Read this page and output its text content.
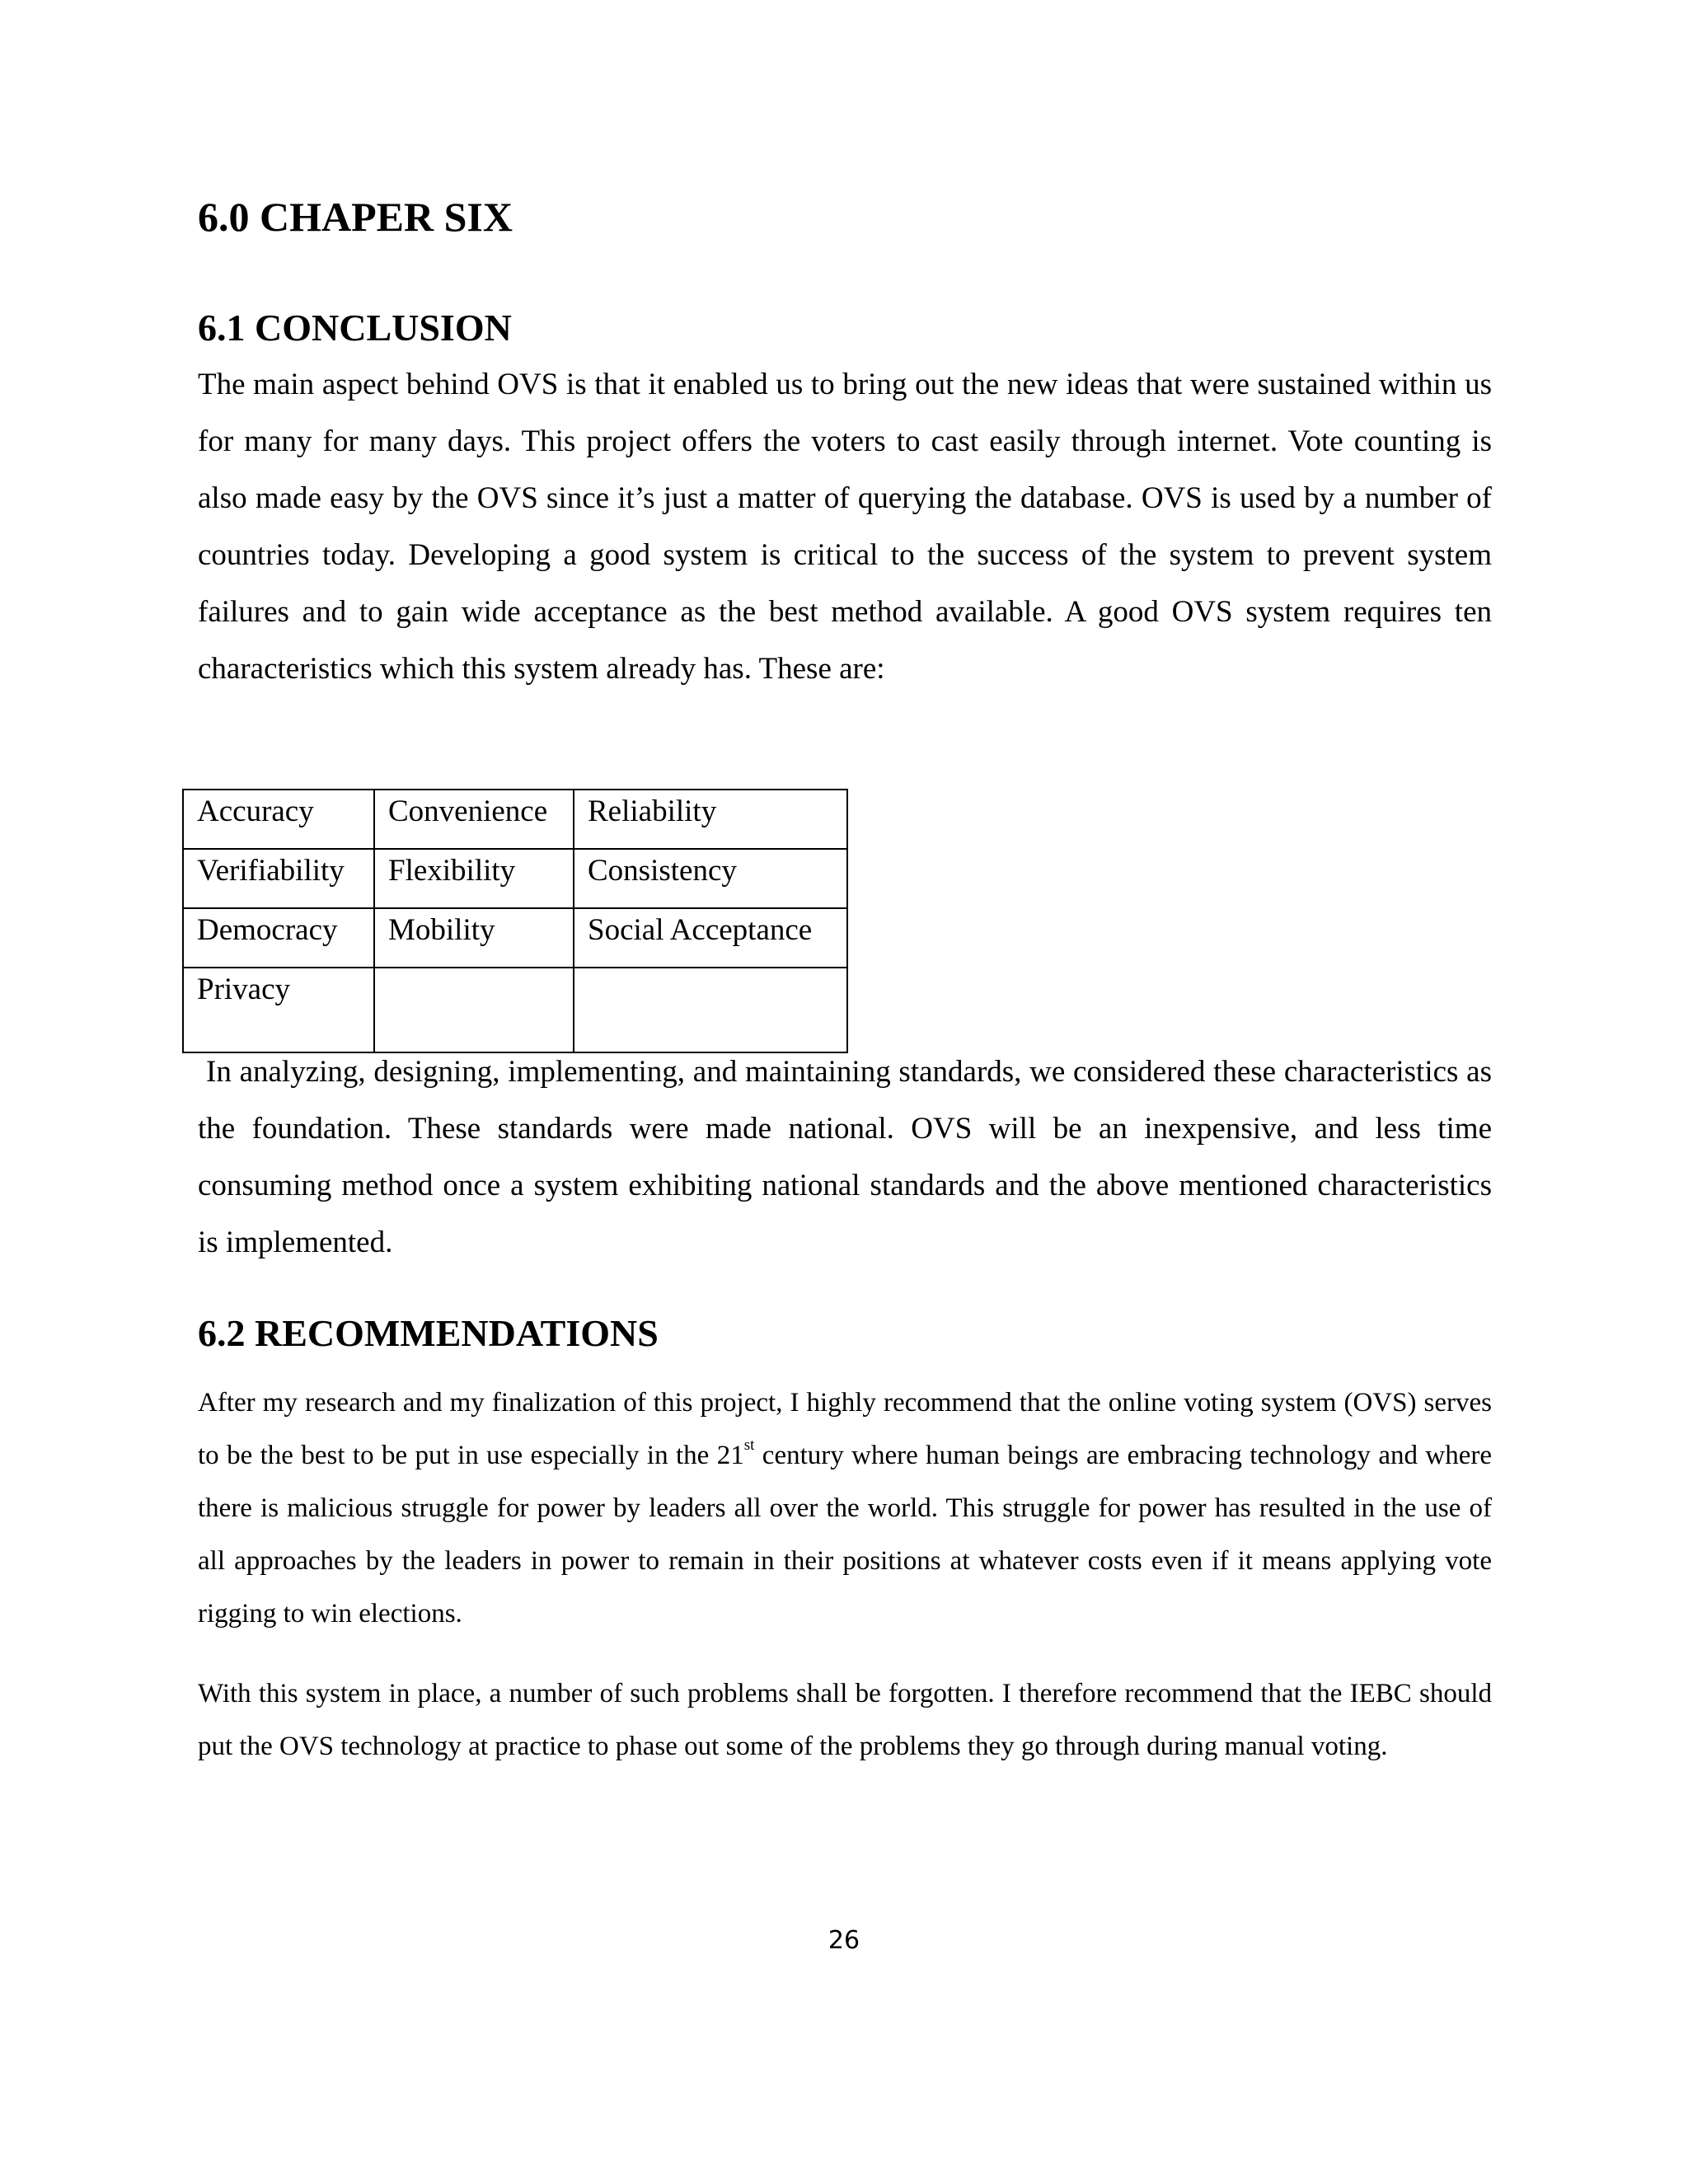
6.0 CHAPER SIX
6.1 CONCLUSION

The main aspect behind OVS is that it enabled us to bring out the new ideas that were sustained within us for many for many days. This project offers the voters to cast easily through internet. Vote counting is also made easy by the OVS since it’s just a matter of querying the database. OVS is used by a number of countries today. Developing a good system is critical to the success of the system to prevent system failures and to gain wide acceptance as the best method available. A good OVS system requires ten characteristics which this system already has. These are:

Accuracy	Convenience	Reliability
Verifiability	Flexibility	Consistency
Democracy	Mobility	Social Acceptance
Privacy		

In analyzing, designing, implementing, and maintaining standards, we considered these characteristics as the foundation. These standards were made national. OVS will be an inexpensive, and less time consuming method once a system exhibiting national standards and the above mentioned characteristics is implemented.

6.2 RECOMMENDATIONS

After my research and my finalization of this project, I highly recommend that the online voting system (OVS) serves to be the best to be put in use especially in the 21st century where human beings are embracing technology and where there is malicious struggle for power by leaders all over the world. This struggle for power has resulted in the use of all approaches by the leaders in power to remain in their positions at whatever costs even if it means applying vote rigging to win elections.

With this system in place, a number of such problems shall be forgotten. I therefore recommend that the IEBC should put the OVS technology at practice to phase out some of the problems they go through during manual voting.

26
